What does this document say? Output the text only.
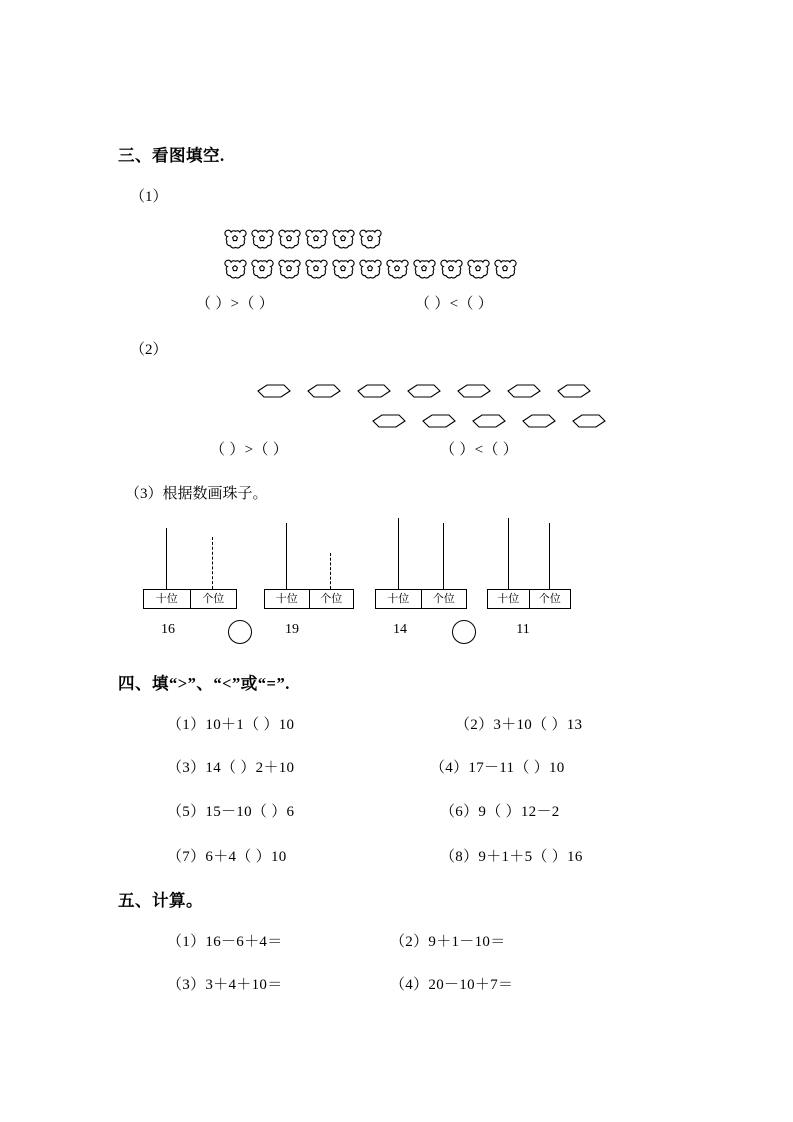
三、看图填空.
（1）
（ ）>（ ）	（ ）<（ ）
（2）
（ ）>（ ）	（ ）<（ ）
（3）根据数画珠子。
十位	个位
16
十位	个位
19
十位	个位
14
十位	个位
11
四、填“>”、“<”或“=”.
（1）10＋1（ ）10	（2）3＋10（ ）13
（3）14（ ）2＋10	（4）17－11（ ）10
（5）15－10（ ）6	（6）9（ ）12－2
（7）6＋4（ ）10	（8）9＋1＋5（ ）16
五、计算。
（1）16－6＋4＝	（2）9＋1－10＝
（3）3＋4＋10＝	（4）20－10＋7＝
